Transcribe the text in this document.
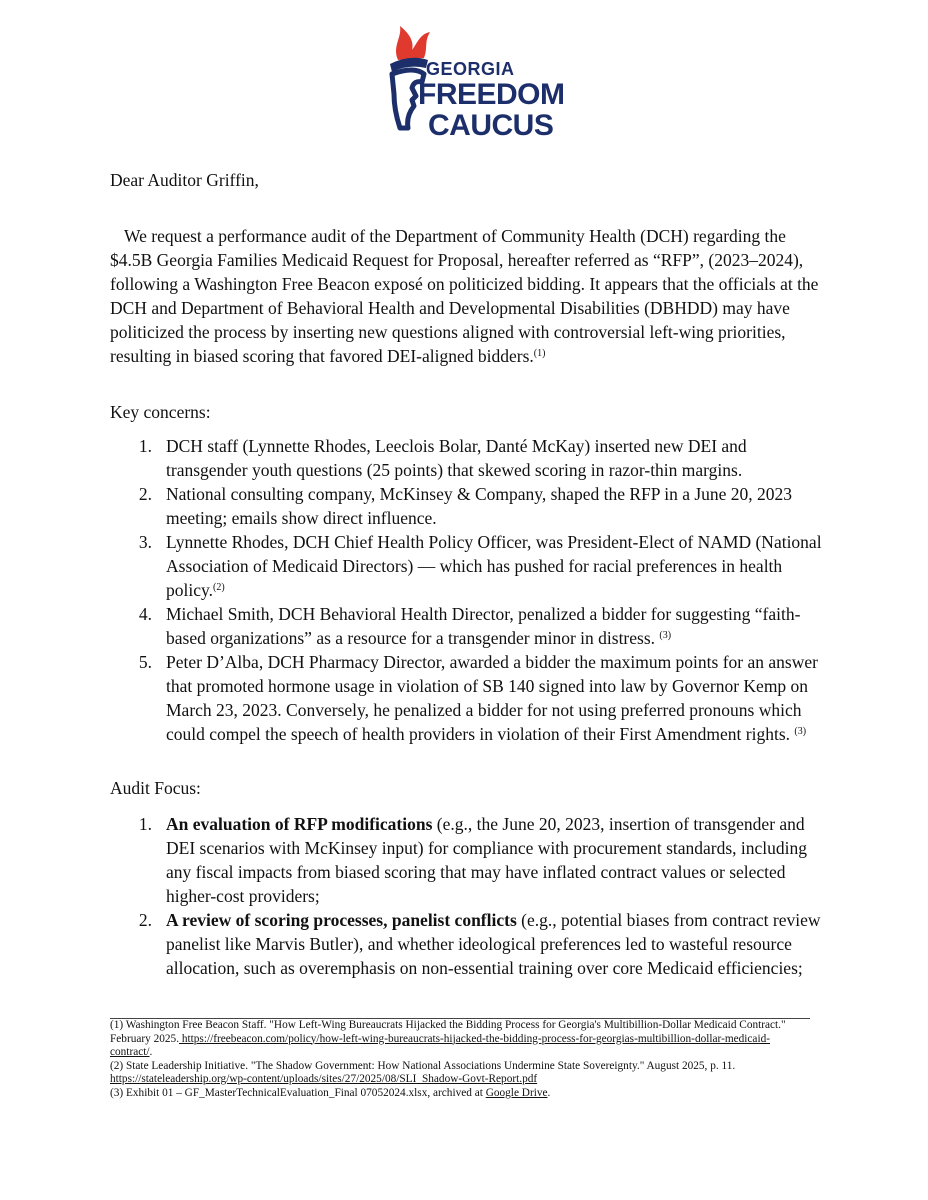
GEORGIA
FREEDOM
CAUCUS

Dear Auditor Griffin,

We request a performance audit of the Department of Community Health (DCH) regarding the $4.5B Georgia Families Medicaid Request for Proposal, hereafter referred as “RFP”, (2023–2024), following a Washington Free Beacon exposé on politicized bidding. It appears that the officials at the DCH and Department of Behavioral Health and Developmental Disabilities (DBHDD) may have politicized the process by inserting new questions aligned with controversial left-wing priorities, resulting in biased scoring that favored DEI-aligned bidders.$^{(1)}$

Key concerns:

1. DCH staff (Lynnette Rhodes, Leeclois Bolar, Danté McKay) inserted new DEI and transgender youth questions (25 points) that skewed scoring in razor-thin margins.
2. National consulting company, McKinsey & Company, shaped the RFP in a June 20, 2023 meeting; emails show direct influence.
3. Lynnette Rhodes, DCH Chief Health Policy Officer, was President-Elect of NAMD (National Association of Medicaid Directors) — which has pushed for racial preferences in health policy.$^{(2)}$
4. Michael Smith, DCH Behavioral Health Director, penalized a bidder for suggesting “faith-based organizations” as a resource for a transgender minor in distress. $^{(3)}$
5. Peter D’Alba, DCH Pharmacy Director, awarded a bidder the maximum points for an answer that promoted hormone usage in violation of SB 140 signed into law by Governor Kemp on March 23, 2023. Conversely, he penalized a bidder for not using preferred pronouns which could compel the speech of health providers in violation of their First Amendment rights. $^{(3)}$

Audit Focus:

1. An evaluation of RFP modifications (e.g., the June 20, 2023, insertion of transgender and DEI scenarios with McKinsey input) for compliance with procurement standards, including any fiscal impacts from biased scoring that may have inflated contract values or selected higher-cost providers;
2. A review of scoring processes, panelist conflicts (e.g., potential biases from contract review panelist like Marvis Butler), and whether ideological preferences led to wasteful resource allocation, such as overemphasis on non-essential training over core Medicaid efficiencies;

(1) Washington Free Beacon Staff. "How Left-Wing Bureaucrats Hijacked the Bidding Process for Georgia's Multibillion-Dollar Medicaid Contract." February 2025. https://freebeacon.com/policy/how-left-wing-bureaucrats-hijacked-the-bidding-process-for-georgias-multibillion-dollar-medicaid-contract/.

(2) State Leadership Initiative. "The Shadow Government: How National Associations Undermine State Sovereignty." August 2025, p. 11.
https://stateleadership.org/wp-content/uploads/sites/27/2025/08/SLI_Shadow-Govt-Report.pdf

(3) Exhibit 01 – GF_MasterTechnicalEvaluation_Final 07052024.xlsx, archived at Google Drive.
